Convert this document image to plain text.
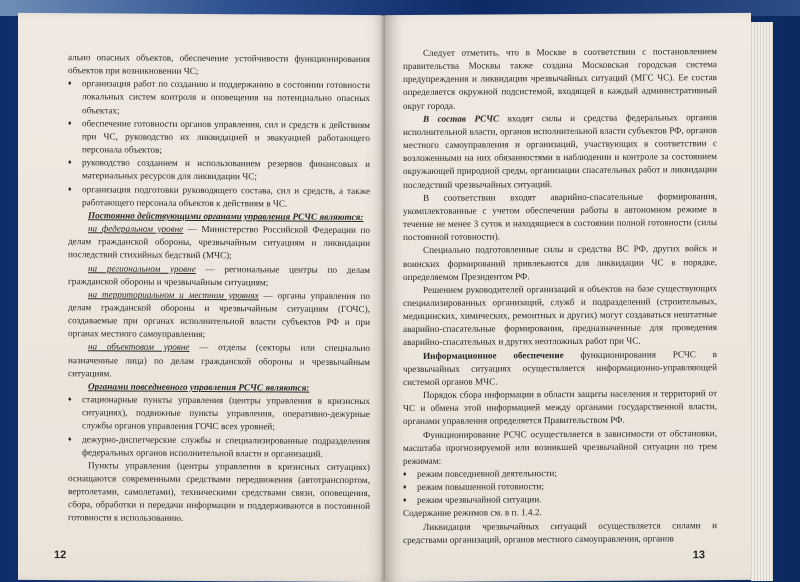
ально опасных объектов, обеспечение устойчивости функционирования объектов при возникновении ЧС;

♦ организация работ по созданию и поддержанию в состоянии готовности локальных систем контроля и оповещения на потенциально опасных объектах;

♦ обеспечение готовности органов управления, сил и средств к действиям при ЧС, руководство их ликвидацией и эвакуацией работающего персонала объектов;

♦ руководство созданием и использованием резервов финансовых и материальных ресурсов для ликвидации ЧС;

♦ организация подготовки руководящего состава, сил и средств, а также работающего персонала объектов к действиям в ЧС.

Постоянно действующими органами управления РСЧС являются:

на федеральном уровне — Министерство Российской Федерации по делам гражданской обороны, чрезвычайным ситуациям и ликвидации последствий стихийных бедствий (МЧС);

на региональном уровне — региональные центры по делам гражданской обороны и чрезвычайным ситуациям;

на территориальном и местном уровнях — органы управления по делам гражданской обороны и чрезвычайным ситуациям (ГОЧС), создаваемые при органах исполнительной власти субъектов РФ и при органах местного самоуправления;

на объектовом уровне — отделы (секторы или специально назначенные лица) по делам гражданской обороны и чрезвычайным ситуациям.

Органами повседневного управления РСЧС являются:

♦ стационарные пункты управления (центры управления в кризисных ситуациях), подвижные пункты управления, оперативно-дежурные службы органов управления ГОЧС всех уровней;

♦ дежурно-диспетчерские службы и специализированные подразделения федеральных органов исполнительной власти и организаций.

Пункты управления (центры управления в кризисных ситуациях) оснащаются современными средствами передвижения (автотранспортом, вертолетами, самолетами), техническими средствами связи, оповещения, сбора, обработки и передачи информации и поддерживаются в постоянной готовности к использованию.

12

Следует отметить, что в Москве в соответствии с постановлением правительства Москвы также создана Московская городская система предупреждения и ликвидации чрезвычайных ситуаций (МГС ЧС). Ее состав определяется окружной подсистемой, входящей в каждый административный округ города.

В состав РСЧС входят силы и средства федеральных органов исполнительной власти, органов исполнительной власти субъектов РФ, органов местного самоуправления и организаций, участвующих в соответствии с возложенными на них обязанностями в наблюдении и контроле за состоянием окружающей природной среды, организации спасательных работ и ликвидации последствий чрезвычайных ситуаций.

В соответствии входят аварийно-спасательные формирования, укомплектованные с учетом обеспечения работы в автономном режиме в течение не менее 3 суток и находящиеся в состоянии полной готовности (силы постоянной готовности).

Специально подготовленные силы и средства ВС РФ, других войск и воинских формирований привлекаются для ликвидации ЧС в порядке, определяемом Президентом РФ.

Решением руководителей организаций и объектов на базе существующих специализированных организаций, служб и подразделений (строительных, медицинских, химических, ремонтных и других) могут создаваться нештатные аварийно-спасательные формирования, предназначенные для проведения аварийно-спасательных и других неотложных работ при ЧС.

Информационное обеспечение функционирования РСЧС в чрезвычайных ситуациях осуществляется информационно-управляющей системой органов МЧС.

Порядок сбора информации в области защиты населения и территорий от ЧС и обмена этой информацией между органами государственной власти, органами управления определяется Правительством РФ.

Функционирование РСЧС осуществляется в зависимости от обстановки, масштаба прогнозируемой или возникшей чрезвычайной ситуации по трем режимам:

♦ режим повседневной деятельности;

♦ режим повышенной готовности;

♦ режим чрезвычайной ситуации.

Содержание режимов см. в п. 1.4.2.

Ликвидация чрезвычайных ситуаций осуществляется силами и средствами организаций, органов местного самоуправления, органов

13
